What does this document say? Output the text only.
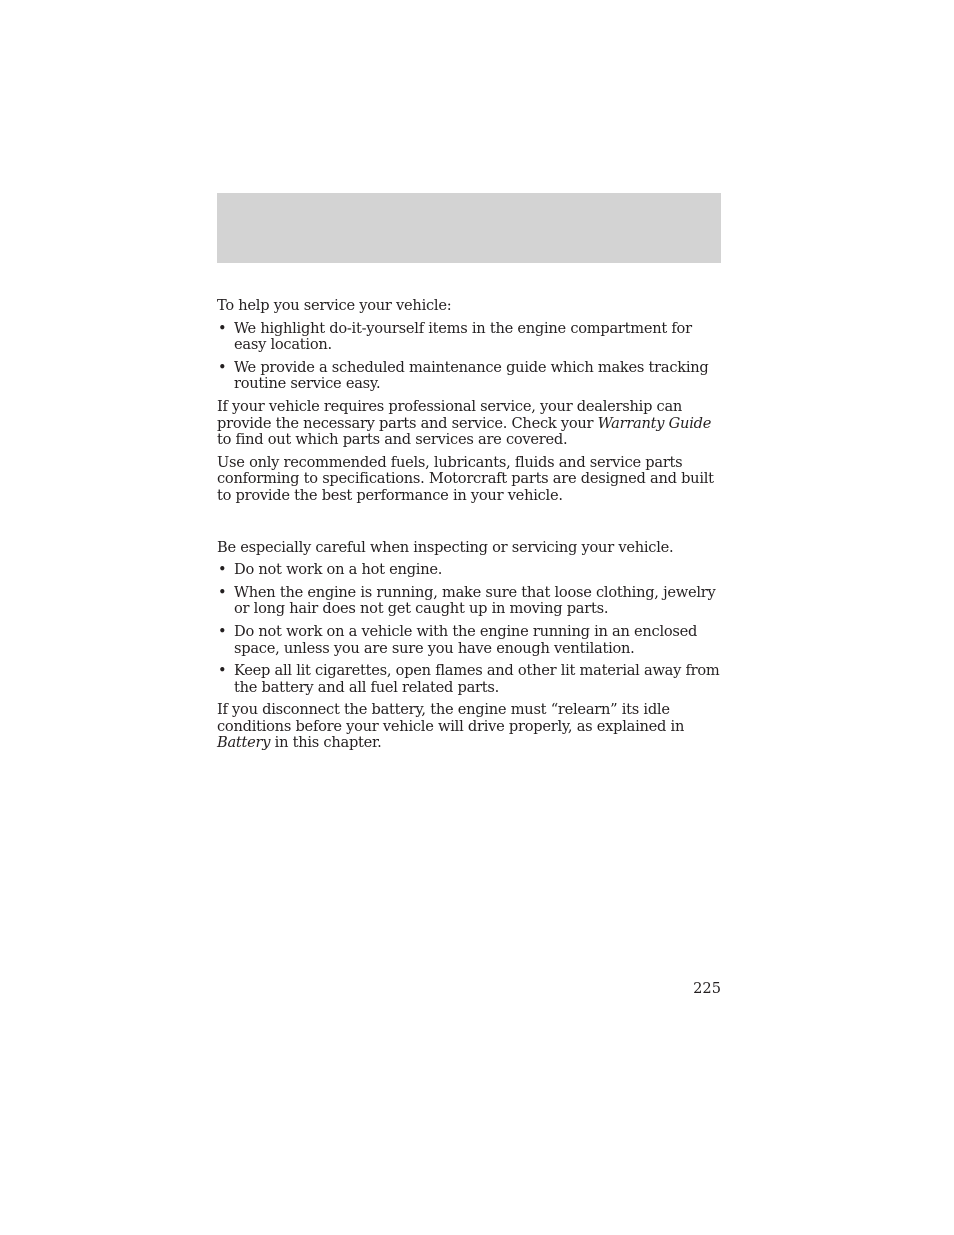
To help you service your vehicle:

• We highlight do-it-yourself items in the engine compartment for easy location.
• We provide a scheduled maintenance guide which makes tracking routine service easy.

If your vehicle requires professional service, your dealership can provide the necessary parts and service. Check your Warranty Guide to find out which parts and services are covered.

Use only recommended fuels, lubricants, fluids and service parts conforming to specifications. Motorcraft parts are designed and built to provide the best performance in your vehicle.

Be especially careful when inspecting or servicing your vehicle.

• Do not work on a hot engine.
• When the engine is running, make sure that loose clothing, jewelry or long hair does not get caught up in moving parts.
• Do not work on a vehicle with the engine running in an enclosed space, unless you are sure you have enough ventilation.
• Keep all lit cigarettes, open flames and other lit material away from the battery and all fuel related parts.

If you disconnect the battery, the engine must “relearn” its idle conditions before your vehicle will drive properly, as explained in Battery in this chapter.

225
